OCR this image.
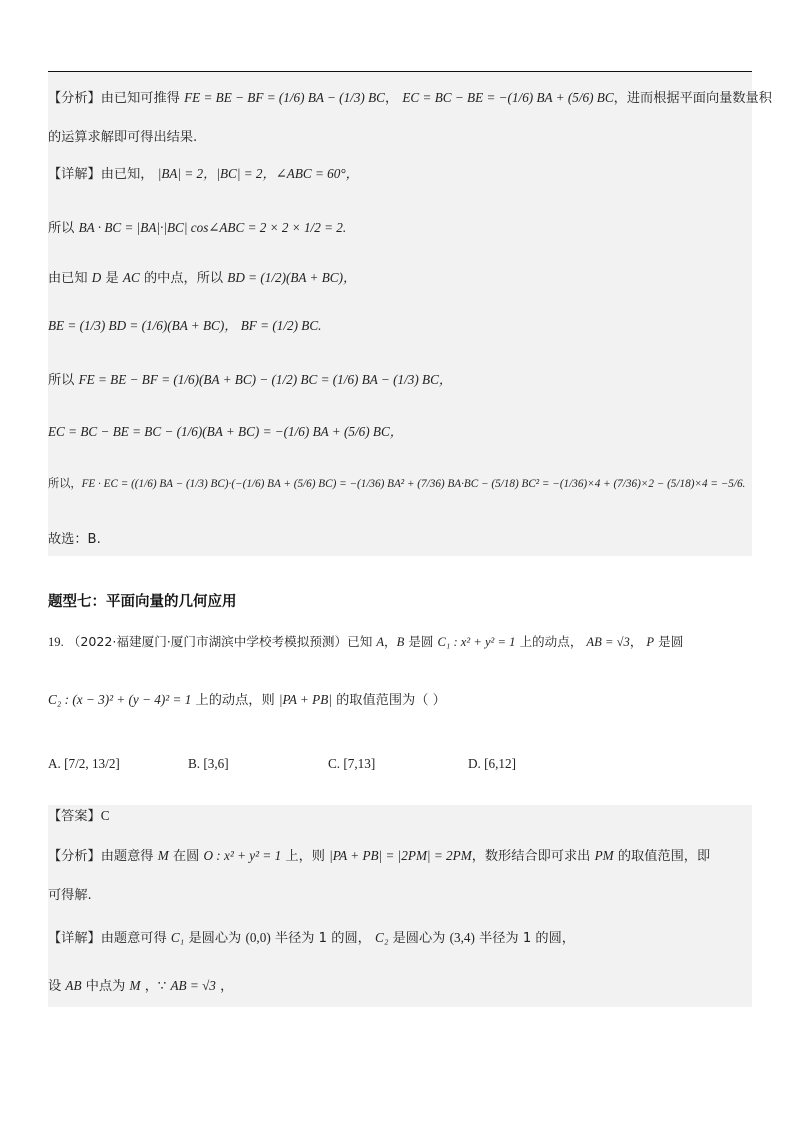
【分析】由已知可推得 FE = BE − BF = (1/6) BA − (1/3) BC， EC = BC − BE = −(1/6) BA + (5/6) BC，进而根据平面向量数量积
的运算求解即可得出结果.
【详解】由已知， |BA| = 2，|BC| = 2，∠ABC = 60°，
所以 BA · BC = |BA|·|BC| cos∠ABC = 2 × 2 × 1/2 = 2.
由已知 D 是 AC 的中点，所以 BD = (1/2)(BA + BC)，
BE = (1/3) BD = (1/6)(BA + BC)， BF = (1/2) BC.
所以 FE = BE − BF = (1/6)(BA + BC) − (1/2) BC = (1/6) BA − (1/3) BC，
EC = BC − BE = BC − (1/6)(BA + BC) = −(1/6) BA + (5/6) BC，
所以，FE · EC = ((1/6) BA − (1/3) BC)·(−(1/6) BA + (5/6) BC) = −(1/36) BA² + (7/36) BA·BC − (5/18) BC² = −(1/36)×4 + (7/36)×2 − (5/18)×4 = −5/6.
故选：B.
题型七：平面向量的几何应用
19. （2022·福建厦门·厦门市湖滨中学校考模拟预测）已知 A，B 是圆 C₁ : x² + y² = 1 上的动点， AB = √3， P 是圆
C₂ : (x − 3)² + (y − 4)² = 1 上的动点，则 |PA + PB| 的取值范围为（ ）
A. [7/2, 13/2]	B. [3,6]	C. [7,13]	D. [6,12]
【答案】C
【分析】由题意得 M 在圆 O : x² + y² = 1 上，则 |PA + PB| = |2PM| = 2PM，数形结合即可求出 PM 的取值范围，即
可得解.
【详解】由题意可得 C₁ 是圆心为 (0,0) 半径为 1 的圆， C₂ 是圆心为 (3,4) 半径为 1 的圆，
设 AB 中点为 M ，∵ AB = √3 ，
